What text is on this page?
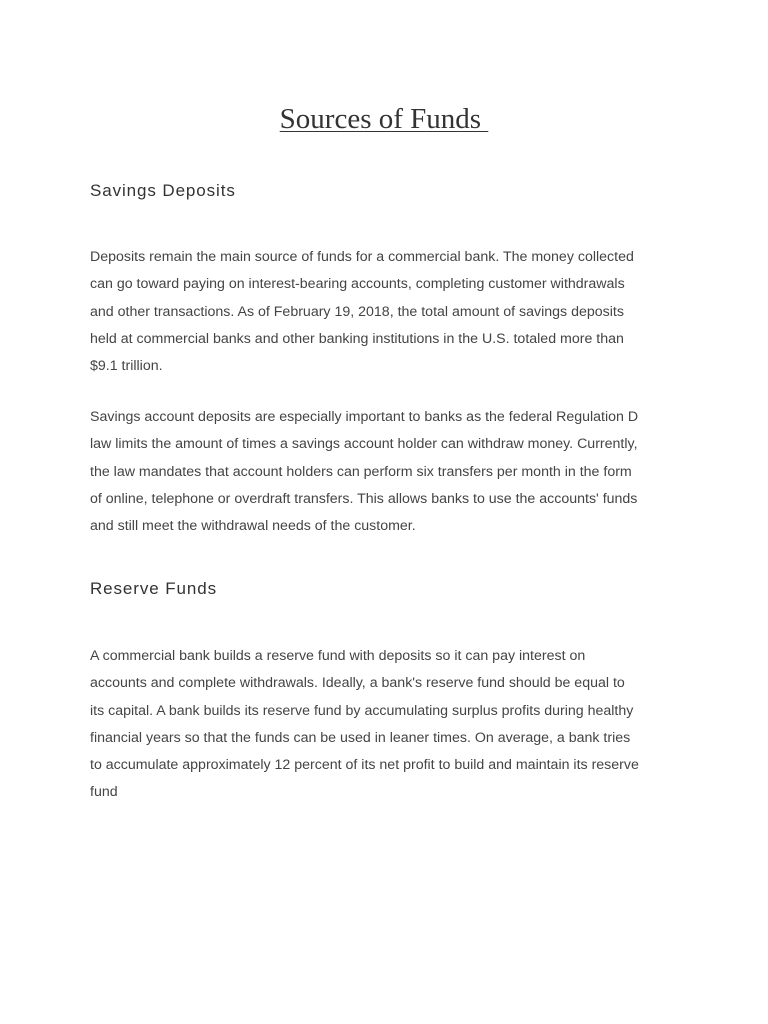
Sources of Funds
Savings Deposits

Deposits remain the main source of funds for a commercial bank. The money collected
can go toward paying on interest-bearing accounts, completing customer withdrawals
and other transactions. As of February 19, 2018, the total amount of savings deposits
held at commercial banks and other banking institutions in the U.S. totaled more than
$9.1 trillion.

Savings account deposits are especially important to banks as the federal Regulation D
law limits the amount of times a savings account holder can withdraw money. Currently,
the law mandates that account holders can perform six transfers per month in the form
of online, telephone or overdraft transfers. This allows banks to use the accounts' funds
and still meet the withdrawal needs of the customer.

Reserve Funds

A commercial bank builds a reserve fund with deposits so it can pay interest on
accounts and complete withdrawals. Ideally, a bank's reserve fund should be equal to
its capital. A bank builds its reserve fund by accumulating surplus profits during healthy
financial years so that the funds can be used in leaner times. On average, a bank tries
to accumulate approximately 12 percent of its net profit to build and maintain its reserve
fund
